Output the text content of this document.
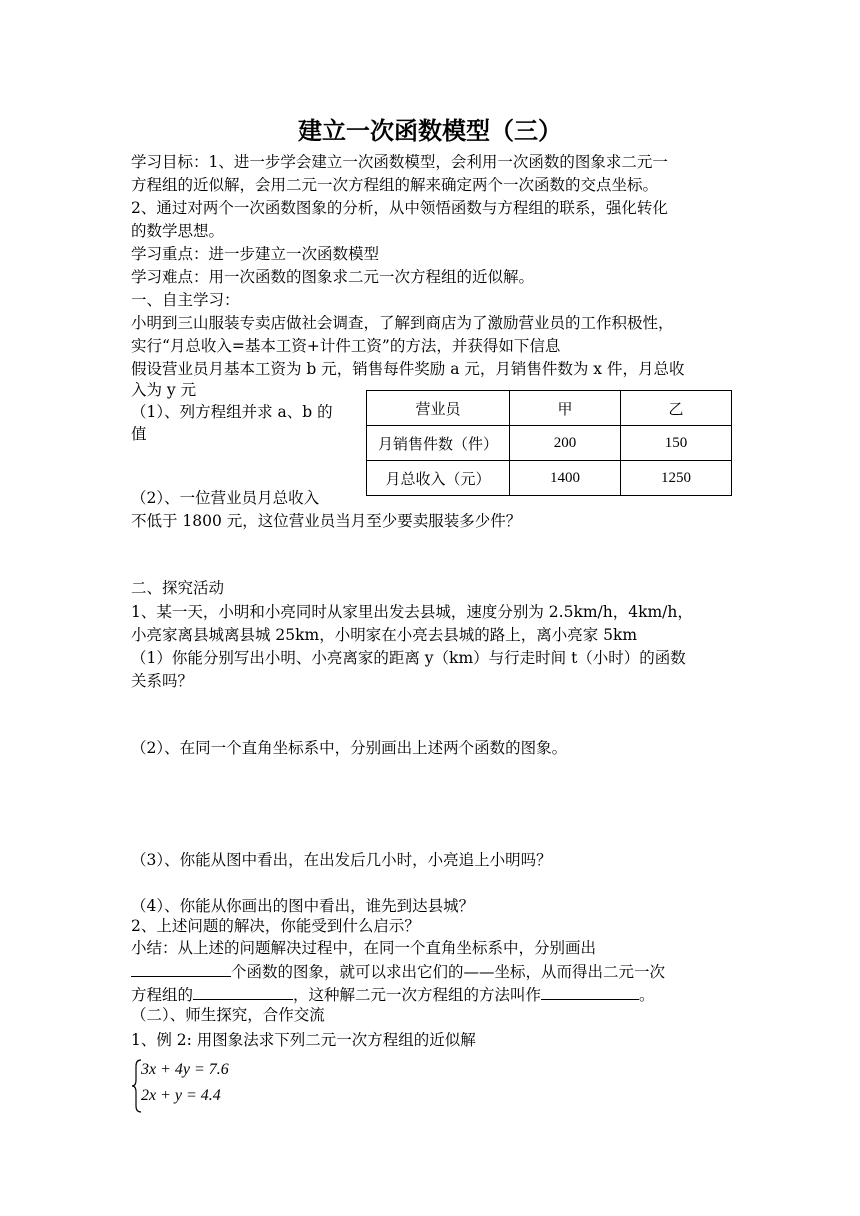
建立一次函数模型（三）
学习目标：1、进一步学会建立一次函数模型，会利用一次函数的图象求二元一
方程组的近似解，会用二元一次方程组的解来确定两个一次函数的交点坐标。
2、通过对两个一次函数图象的分析，从中领悟函数与方程组的联系，强化转化
的数学思想。
学习重点：进一步建立一次函数模型
学习难点：用一次函数的图象求二元一次方程组的近似解。
一、自主学习：
小明到三山服装专卖店做社会调查，了解到商店为了激励营业员的工作积极性，
实行“月总收入=基本工资+计件工资”的方法，并获得如下信息
假设营业员月基本工资为 b 元，销售每件奖励 a 元，月销售件数为 x 件，月总收
入为 y 元
（1）、列方程组并求 a、b 的
值
营业员	甲	乙
月销售件数（件）	200	150
月总收入（元）	1400	1250
（2）、一位营业员月总收入
不低于 1800 元，这位营业员当月至少要卖服装多少件？
二、探究活动
1、某一天，小明和小亮同时从家里出发去县城，速度分别为 2.5km/h，4km/h，
小亮家离县城离县城 25km，小明家在小亮去县城的路上，离小亮家 5km
（1）你能分别写出小明、小亮离家的距离 y（km）与行走时间 t（小时）的函数
关系吗？
（2）、在同一个直角坐标系中，分别画出上述两个函数的图象。
（3）、你能从图中看出，在出发后几小时，小亮追上小明吗？
（4）、你能从你画出的图中看出，谁先到达县城？
2、上述问题的解决，你能受到什么启示？
小结：从上述的问题解决过程中，在同一个直角坐标系中，分别画出
个函数的图象，就可以求出它们的——坐标，从而得出二元一次
方程组的	，这种解二元一次方程组的方法叫作	。
（二）、师生探究，合作交流
1、例 2: 用图象法求下列二元一次方程组的近似解
3x + 4y = 7.6
2x + y = 4.4
